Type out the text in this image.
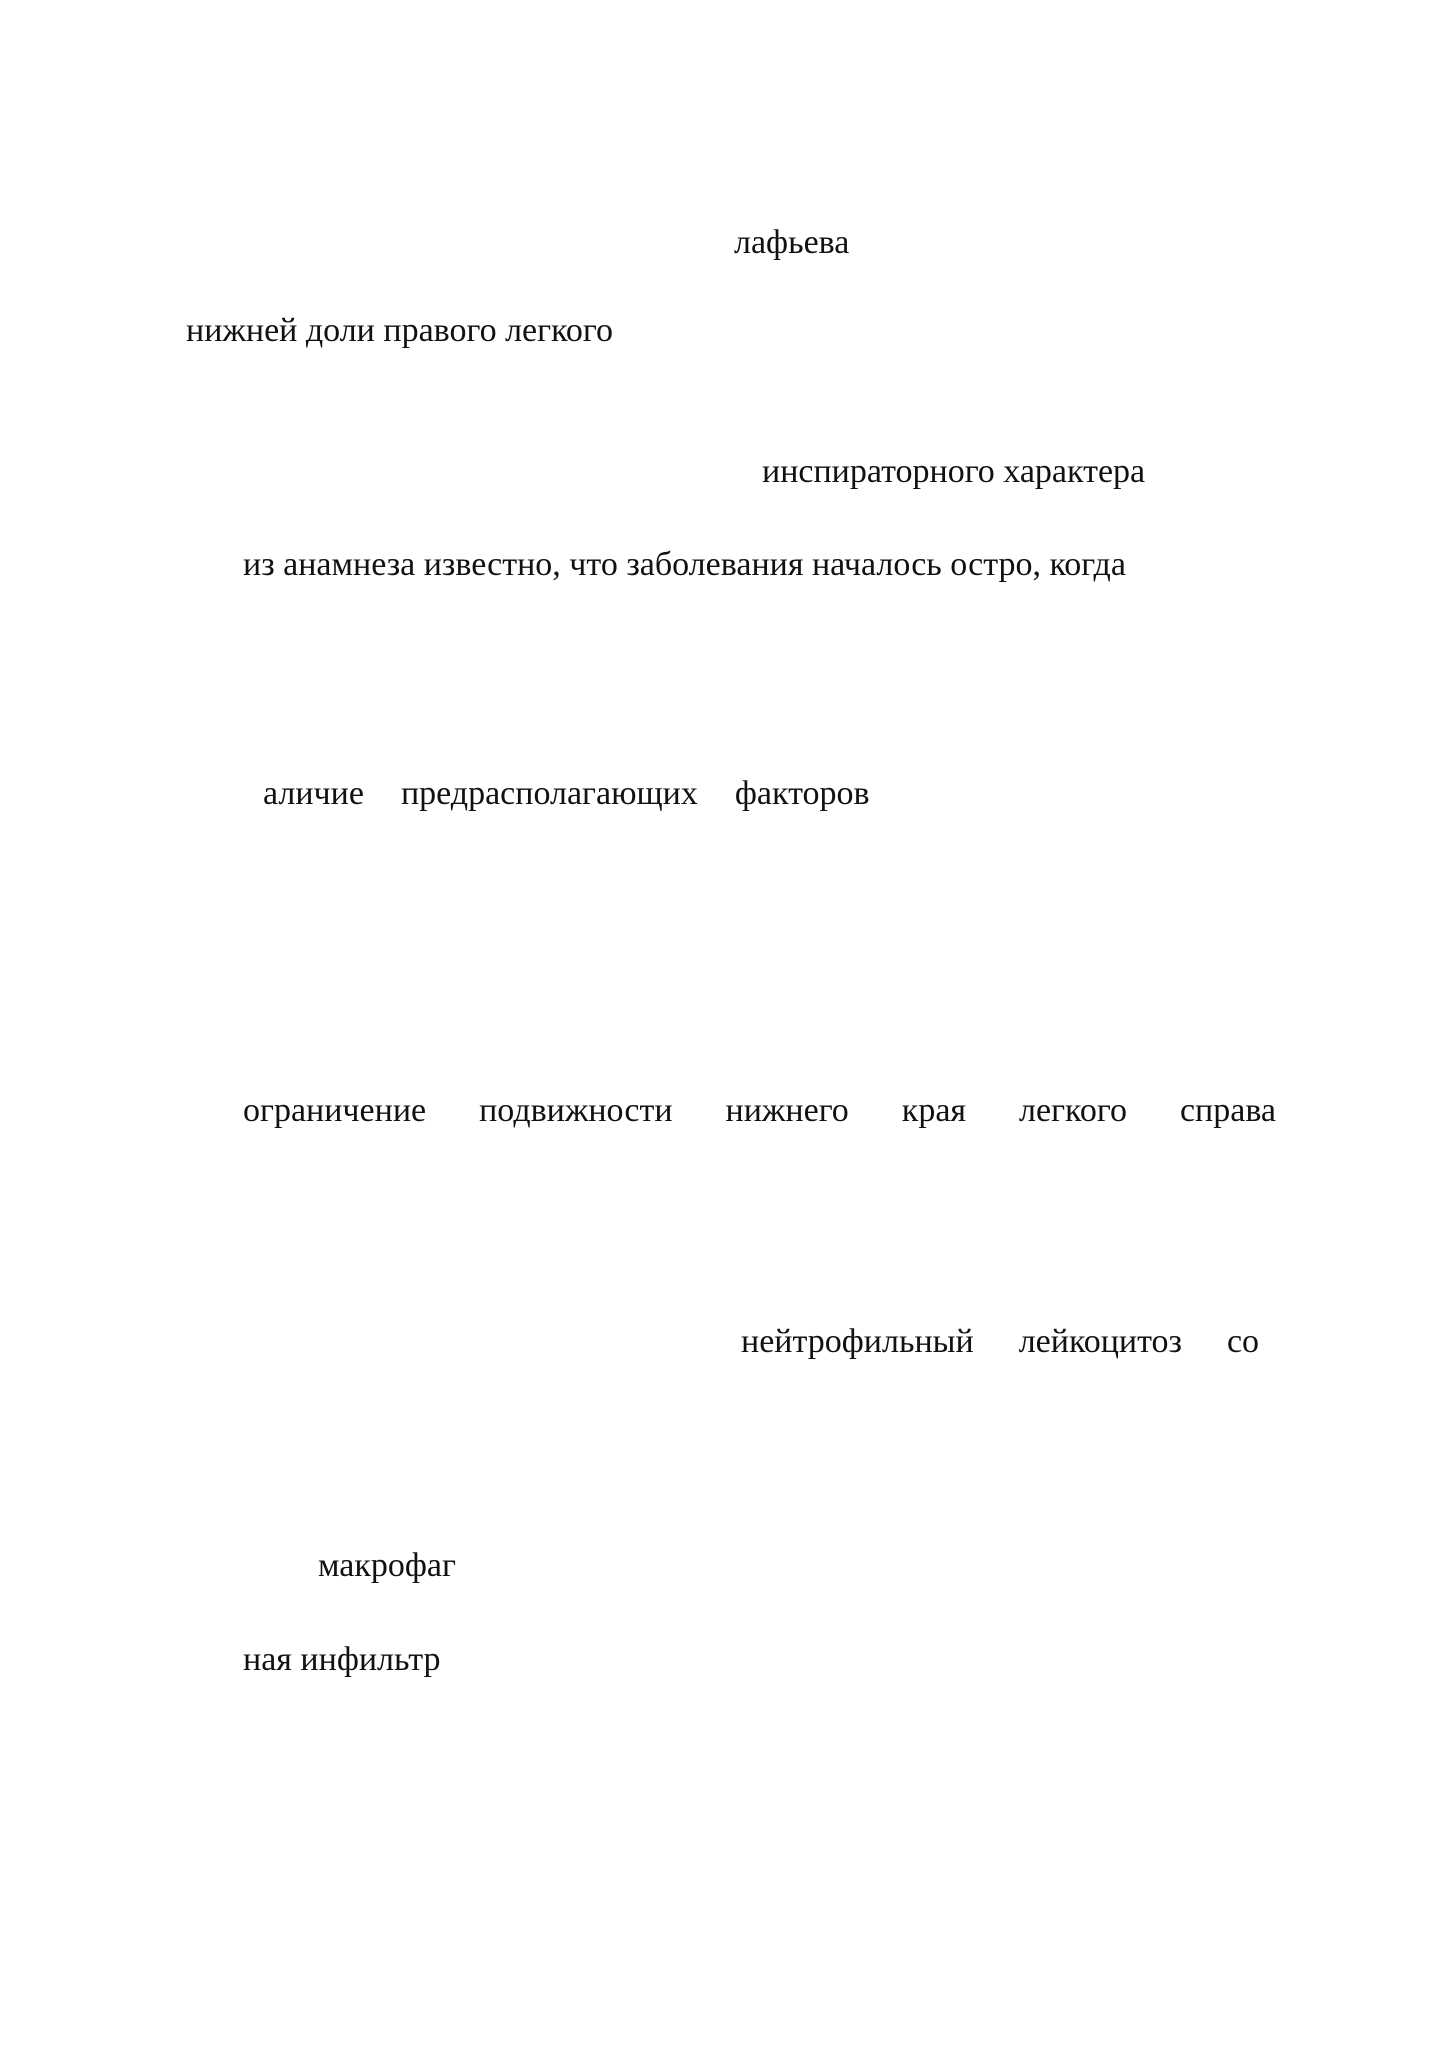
лафьева
нижней доли правого легкого
инспираторного характера
из анамнеза известно, что заболевания началось остро, когда
аличие  предрасполагающих  факторов
ограничение  подвижности  нижнего  края  легкого  справа
нейтрофильный  лейкоцитоз  со
макрофаг
ная инфильтр
